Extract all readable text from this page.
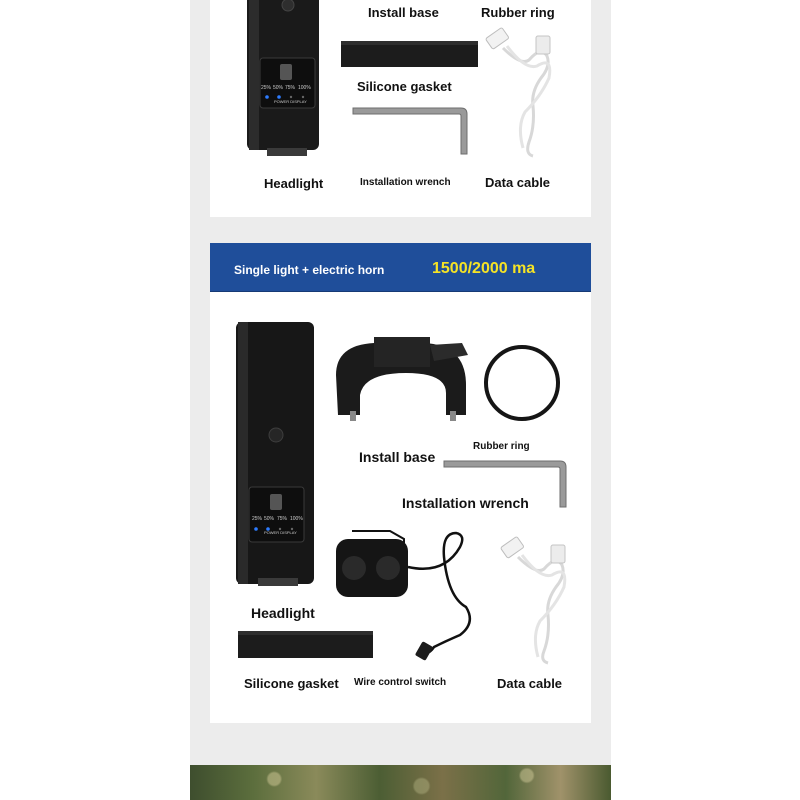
25% 50% 75% 100%
POWER DISPLAY
Install base	Rubber ring
Silicone gasket
Headlight	Installation wrench	Data cable
Single light + electric horn	1500/2000 ma
25% 50% 75% 100%
POWER DISPLAY
Rubber ring
Install base
Installation wrench
Headlight
Silicone gasket Wire control switch	Data cable
